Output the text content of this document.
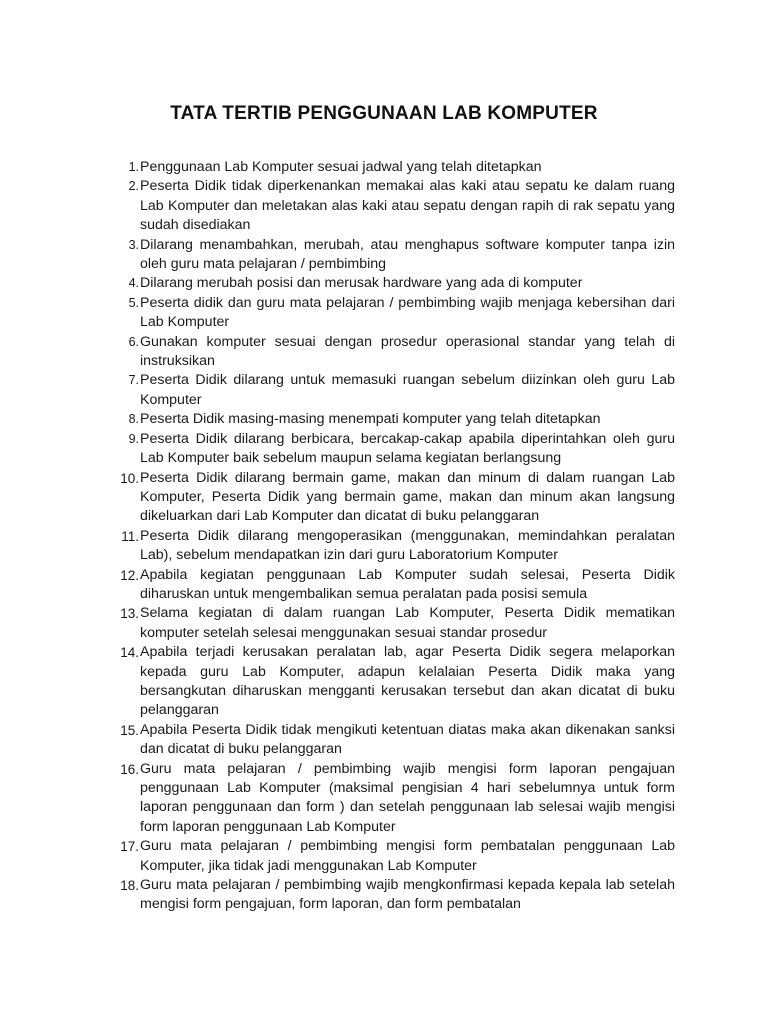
TATA TERTIB PENGGUNAAN LAB KOMPUTER
1. Penggunaan Lab Komputer sesuai jadwal yang telah ditetapkan
2. Peserta Didik tidak diperkenankan memakai alas kaki atau sepatu ke dalam ruang Lab Komputer dan meletakan alas kaki atau sepatu dengan rapih di rak sepatu yang sudah disediakan
3. Dilarang menambahkan, merubah, atau menghapus software komputer tanpa izin oleh guru mata pelajaran / pembimbing
4. Dilarang merubah posisi dan merusak hardware yang ada di komputer
5. Peserta didik dan guru mata pelajaran / pembimbing wajib menjaga kebersihan dari Lab Komputer
6. Gunakan komputer sesuai dengan prosedur operasional standar yang telah di instruksikan
7. Peserta Didik dilarang untuk memasuki ruangan sebelum diizinkan oleh guru Lab Komputer
8. Peserta Didik masing-masing menempati komputer yang telah ditetapkan
9. Peserta Didik dilarang berbicara, bercakap-cakap apabila diperintahkan oleh guru Lab Komputer baik sebelum maupun selama kegiatan berlangsung
10. Peserta Didik dilarang bermain game, makan dan minum di dalam ruangan Lab Komputer, Peserta Didik yang bermain game, makan dan minum akan langsung dikeluarkan dari Lab Komputer dan dicatat di buku pelanggaran
11. Peserta Didik dilarang mengoperasikan (menggunakan, memindahkan peralatan Lab), sebelum mendapatkan izin dari guru Laboratorium Komputer
12. Apabila kegiatan penggunaan Lab Komputer sudah selesai, Peserta Didik diharuskan untuk mengembalikan semua peralatan pada posisi semula
13. Selama kegiatan di dalam ruangan Lab Komputer, Peserta Didik mematikan komputer setelah selesai menggunakan sesuai standar prosedur
14. Apabila terjadi kerusakan peralatan lab, agar Peserta Didik segera melaporkan kepada guru Lab Komputer, adapun kelalaian Peserta Didik maka yang bersangkutan diharuskan mengganti kerusakan tersebut dan akan dicatat di buku pelanggaran
15. Apabila Peserta Didik tidak mengikuti ketentuan diatas maka akan dikenakan sanksi dan dicatat di buku pelanggaran
16. Guru mata pelajaran / pembimbing wajib mengisi form laporan pengajuan penggunaan Lab Komputer (maksimal pengisian 4 hari sebelumnya untuk form laporan penggunaan dan form ) dan setelah penggunaan lab selesai wajib mengisi form laporan penggunaan Lab Komputer
17. Guru mata pelajaran / pembimbing mengisi form pembatalan penggunaan Lab Komputer, jika tidak jadi menggunakan Lab Komputer
18. Guru mata pelajaran / pembimbing wajib mengkonfirmasi kepada kepala lab setelah mengisi form pengajuan, form laporan, dan form pembatalan
